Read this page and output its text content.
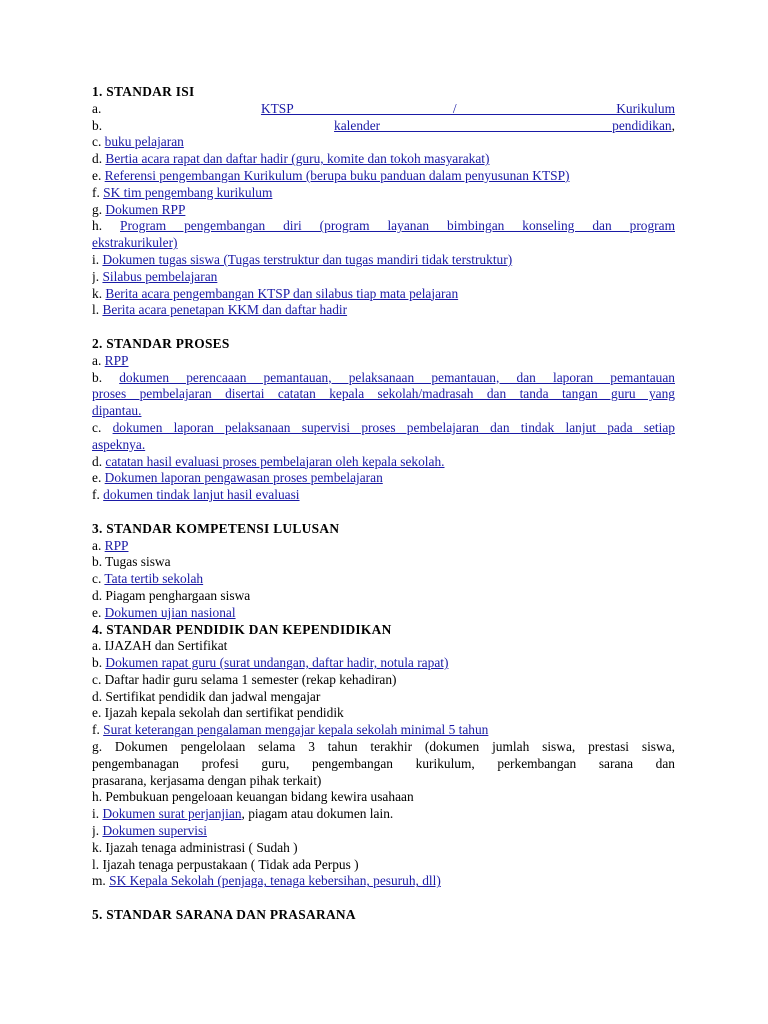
1. STANDAR ISI
a.	KTSP / Kurikulum
b.	kalender pendidikan,
c. buku pelajaran
d. Bertia acara rapat dan daftar hadir (guru, komite dan tokoh masyarakat)
e. Referensi pengembangan Kurikulum (berupa buku panduan dalam penyusunan KTSP)
f. SK tim pengembang kurikulum
g. Dokumen RPP
h. Program pengembangan diri (program layanan bimbingan konseling dan program
ekstrakurikuler)
i. Dokumen tugas siswa (Tugas terstruktur dan tugas mandiri tidak terstruktur)
j. Silabus pembelajaran
k. Berita acara pengembangan KTSP dan silabus tiap mata pelajaran
l. Berita acara penetapan KKM dan daftar hadir
2. STANDAR PROSES
a. RPP
b. dokumen perencaaan pemantauan, pelaksanaan pemantauan, dan laporan pemantauan
proses pembelajaran disertai catatan kepala sekolah/madrasah dan tanda tangan guru yang
dipantau.
c. dokumen laporan pelaksanaan supervisi proses pembelajaran dan tindak lanjut pada setiap
aspeknya.
d. catatan hasil evaluasi proses pembelajaran oleh kepala sekolah.
e. Dokumen laporan pengawasan proses pembelajaran
f. dokumen tindak lanjut hasil evaluasi
3. STANDAR KOMPETENSI LULUSAN
a. RPP
b. Tugas siswa
c. Tata tertib sekolah
d. Piagam penghargaan siswa
e. Dokumen ujian nasional
4. STANDAR PENDIDIK DAN KEPENDIDIKAN
a. IJAZAH dan Sertifikat
b. Dokumen rapat guru (surat undangan, daftar hadir, notula rapat)
c. Daftar hadir guru selama 1 semester (rekap kehadiran)
d. Sertifikat pendidik dan jadwal mengajar
e. Ijazah kepala sekolah dan sertifikat pendidik
f. Surat keterangan pengalaman mengajar kepala sekolah minimal 5 tahun
g. Dokumen pengelolaan selama 3 tahun terakhir (dokumen jumlah siswa, prestasi siswa,
pengembanagan profesi guru, pengembangan kurikulum, perkembangan sarana dan
prasarana, kerjasama dengan pihak terkait)
h. Pembukuan pengeloaan keuangan bidang kewira usahaan
i. Dokumen surat perjanjian, piagam atau dokumen lain.
j. Dokumen supervisi
k. Ijazah tenaga administrasi ( Sudah )
l. Ijazah tenaga perpustakaan ( Tidak ada Perpus )
m. SK Kepala Sekolah (penjaga, tenaga kebersihan, pesuruh, dll)
5. STANDAR SARANA DAN PRASARANA
